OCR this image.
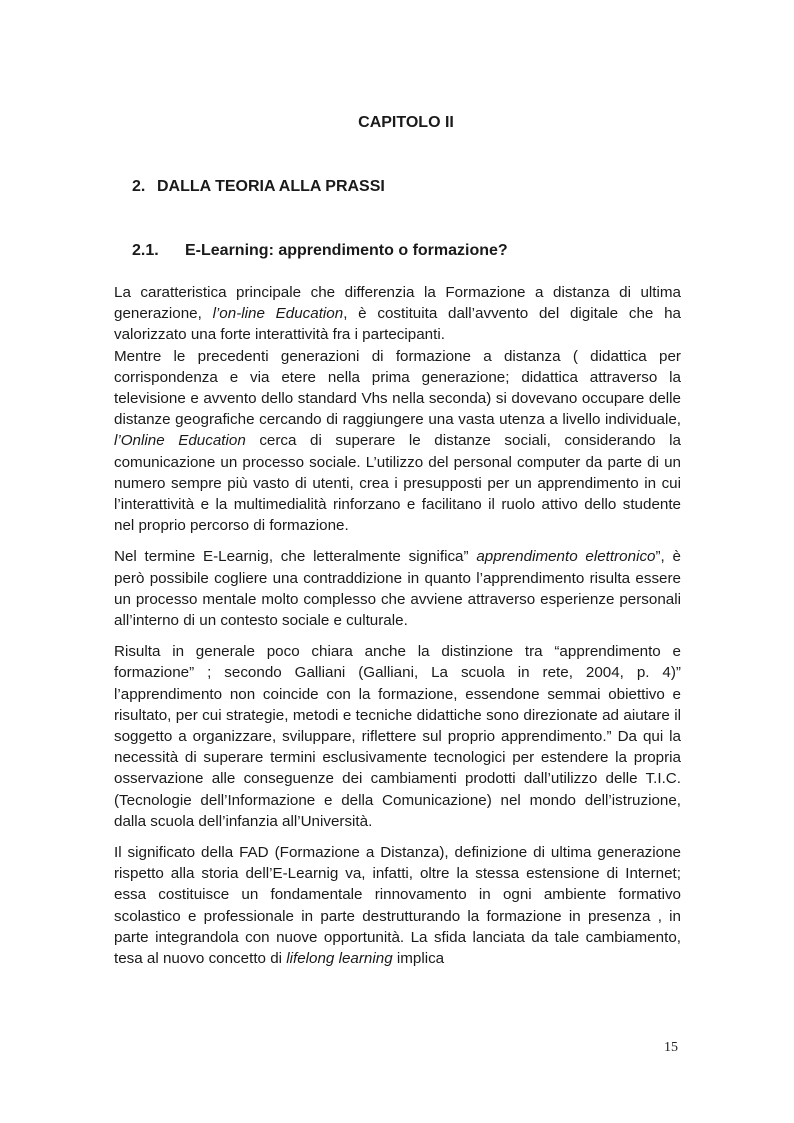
CAPITOLO II
2. DALLA TEORIA ALLA PRASSI
2.1. E-Learning: apprendimento o formazione?

La caratteristica principale che differenzia la Formazione a distanza di ultima generazione, l’on-line Education, è costituita dall’avvento del digitale che ha valorizzato una forte interattività fra i partecipanti.

Mentre le precedenti generazioni di formazione a distanza ( didattica per corrispondenza e via etere nella prima generazione; didattica attraverso la televisione e avvento dello standard Vhs nella seconda) si dovevano occupare delle distanze geografiche cercando di raggiungere una vasta utenza a livello individuale, l’Online Education cerca di superare le distanze sociali, considerando la comunicazione un processo sociale. L’utilizzo del personal computer da parte di un numero sempre più vasto di utenti, crea i presupposti per un apprendimento in cui l’interattività e la multimedialità rinforzano e facilitano il ruolo attivo dello studente nel proprio percorso di formazione.

Nel termine E-Learnig, che letteralmente significa” apprendimento elettronico”, è però possibile cogliere una contraddizione in quanto l’apprendimento risulta essere un processo mentale molto complesso che avviene attraverso esperienze personali all’interno di un contesto sociale e culturale.

Risulta in generale poco chiara anche la distinzione tra “apprendimento e formazione” ; secondo Galliani (Galliani, La scuola in rete, 2004, p. 4)” l’apprendimento non coincide con la formazione, essendone semmai obiettivo e risultato, per cui strategie, metodi e tecniche didattiche sono direzionate ad aiutare il soggetto a organizzare, sviluppare, riflettere sul proprio apprendimento.” Da qui la necessità di superare termini esclusivamente tecnologici per estendere la propria osservazione alle conseguenze dei cambiamenti prodotti dall’utilizzo delle T.I.C. (Tecnologie dell’Informazione e della Comunicazione) nel mondo dell’istruzione, dalla scuola dell’infanzia all’Università.

Il significato della FAD (Formazione a Distanza), definizione di ultima generazione rispetto alla storia dell’E-Learnig va, infatti, oltre la stessa estensione di Internet; essa costituisce un fondamentale rinnovamento in ogni ambiente formativo scolastico e professionale in parte destrutturando la formazione in presenza , in parte integrandola con nuove opportunità. La sfida lanciata da tale cambiamento, tesa al nuovo concetto di lifelong learning implica

15
